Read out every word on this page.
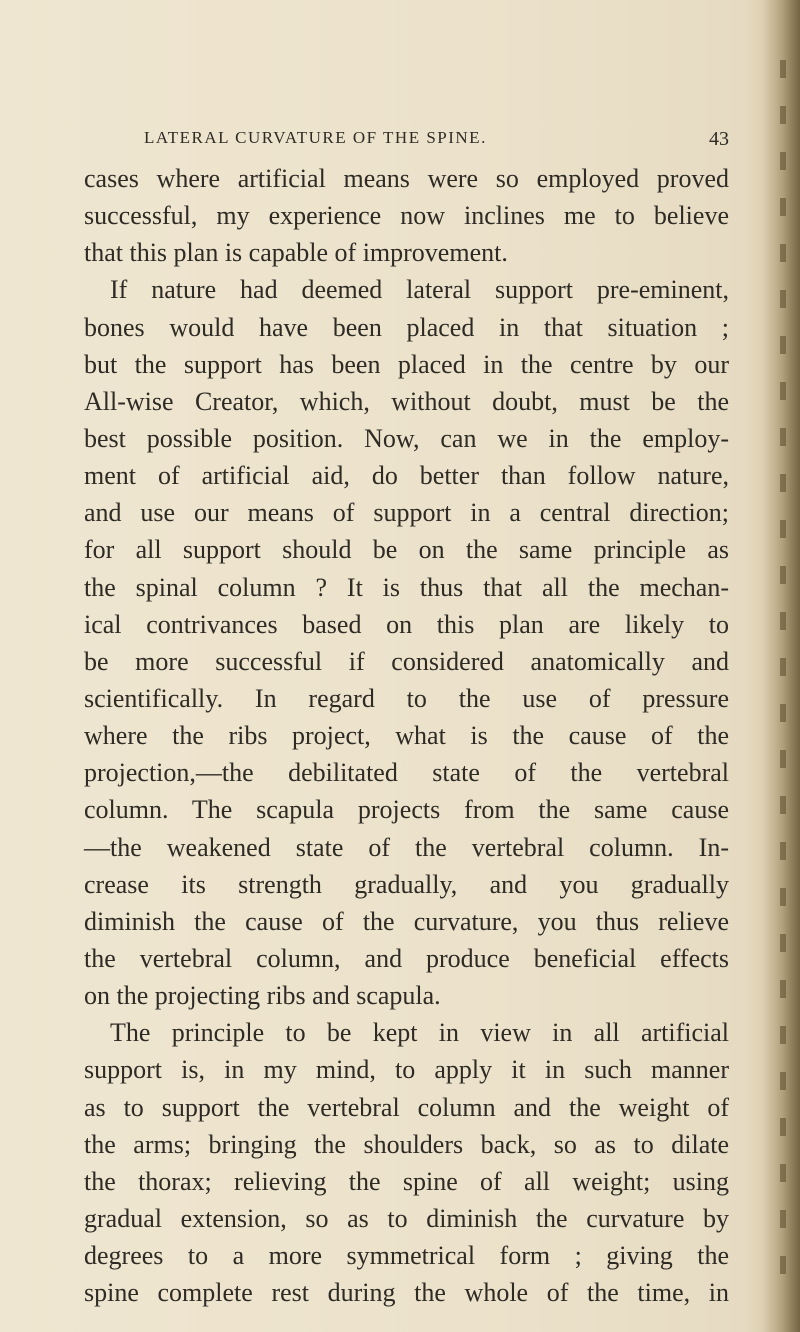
LATERAL CURVATURE OF THE SPINE.	43
cases where artificial means were so employed proved
successful, my experience now inclines me to believe
that this plan is capable of improvement.
If nature had deemed lateral support pre-eminent,
bones would have been placed in that situation ;
but the support has been placed in the centre by our
All-wise Creator, which, without doubt, must be the
best possible position. Now, can we in the employ-
ment of artificial aid, do better than follow nature,
and use our means of support in a central direction;
for all support should be on the same principle as
the spinal column ? It is thus that all the mechan-
ical contrivances based on this plan are likely to
be more successful if considered anatomically and
scientifically. In regard to the use of pressure
where the ribs project, what is the cause of the
projection,—the debilitated state of the vertebral
column. The scapula projects from the same cause
—the weakened state of the vertebral column. In-
crease its strength gradually, and you gradually
diminish the cause of the curvature, you thus relieve
the vertebral column, and produce beneficial effects
on the projecting ribs and scapula.
The principle to be kept in view in all artificial
support is, in my mind, to apply it in such manner
as to support the vertebral column and the weight of
the arms; bringing the shoulders back, so as to dilate
the thorax; relieving the spine of all weight; using
gradual extension, so as to diminish the curvature by
degrees to a more symmetrical form ; giving the
spine complete rest during the whole of the time, in
